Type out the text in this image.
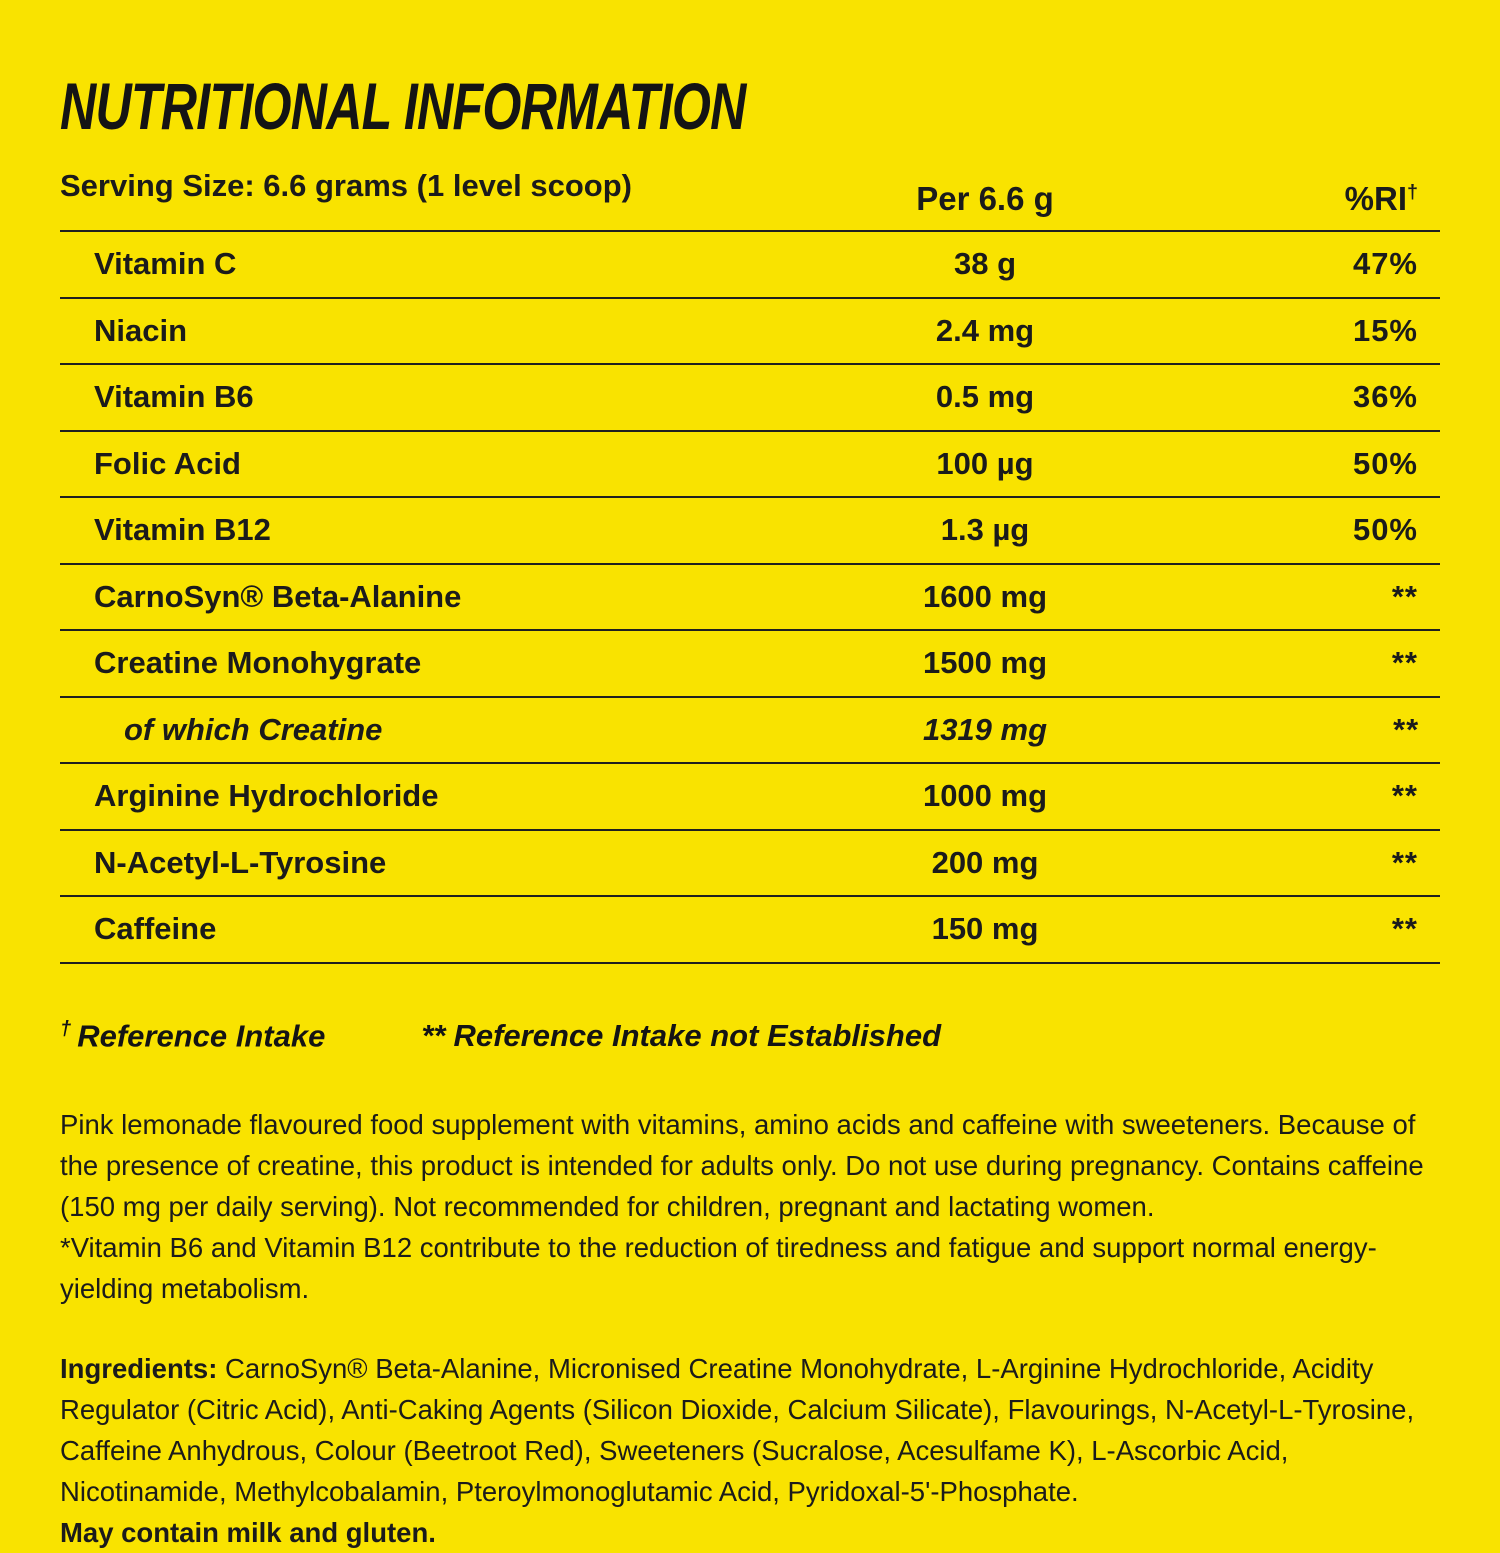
NUTRITIONAL INFORMATION
Serving Size: 6.6 grams (1 level scoop)	Per 6.6 g	%RI†
Vitamin C	38 g	47%
Niacin	2.4 mg	15%
Vitamin B6	0.5 mg	36%
Folic Acid	100 µg	50%
Vitamin B12	1.3 µg	50%
CarnoSyn® Beta-Alanine	1600 mg	**
Creatine Monohygrate	1500 mg	**
of which Creatine	1319 mg	**
Arginine Hydrochloride	1000 mg	**
N-Acetyl-L-Tyrosine	200 mg	**
Caffeine	150 mg	**
† Reference Intake	** Reference Intake not Established
Pink lemonade flavoured food supplement with vitamins, amino acids and caffeine with sweeteners. Because of the presence of creatine, this product is intended for adults only. Do not use during pregnancy. Contains caffeine (150 mg per daily serving). Not recommended for children, pregnant and lactating women.
*Vitamin B6 and Vitamin B12 contribute to the reduction of tiredness and fatigue and support normal energy-yielding metabolism.
Ingredients: CarnoSyn® Beta-Alanine, Micronised Creatine Monohydrate, L-Arginine Hydrochloride, Acidity Regulator (Citric Acid), Anti-Caking Agents (Silicon Dioxide, Calcium Silicate), Flavourings, N-Acetyl-L-Tyrosine, Caffeine Anhydrous, Colour (Beetroot Red), Sweeteners (Sucralose, Acesulfame K), L-Ascorbic Acid, Nicotinamide, Methylcobalamin, Pteroylmonoglutamic Acid, Pyridoxal-5'-Phosphate.
May contain milk and gluten.
